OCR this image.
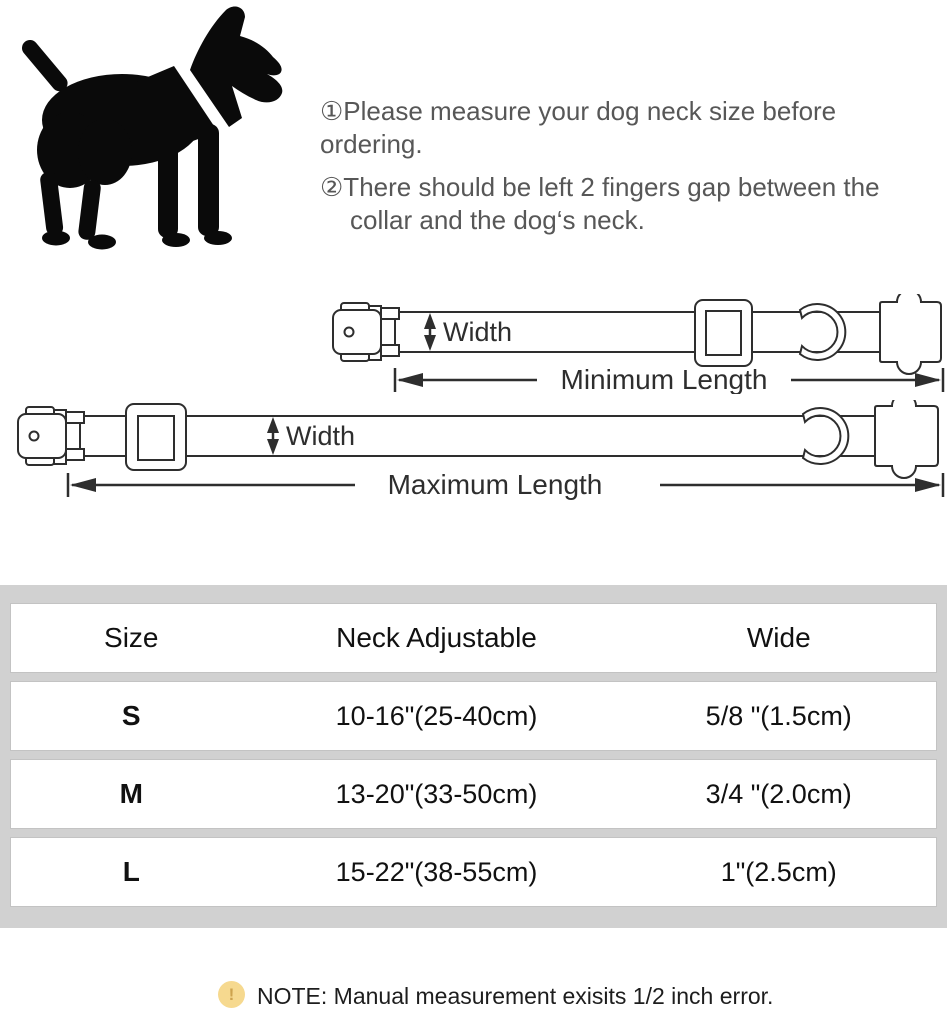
①Please measure your dog neck size before ordering.
②There should be left 2 fingers gap between the
collar and the dog‘s neck.
Width
Minimum Length
Width
Maximum Length
Size	Neck Adjustable	Wide
S	10-16"(25-40cm)	5/8 "(1.5cm)
M	13-20"(33-50cm)	3/4 "(2.0cm)
L	15-22"(38-55cm)	1"(2.5cm)
! NOTE: Manual measurement exisits 1/2 inch error.
